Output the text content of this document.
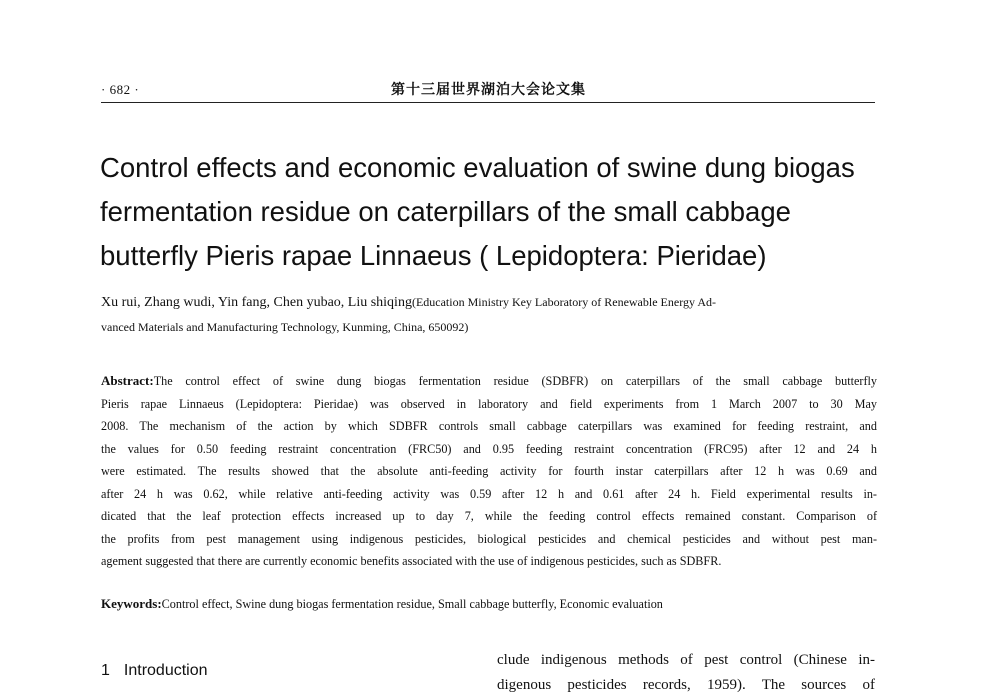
· 682 ·	第十三届世界湖泊大会论文集
Control effects and economic evaluation of swine dung biogas
fermentation residue on caterpillars of the small cabbage
butterfly Pieris rapae Linnaeus ( Lepidoptera: Pieridae)
Xu rui, Zhang wudi, Yin fang, Chen yubao, Liu shiqing(Education Ministry Key Laboratory of Renewable Energy Ad-
vanced Materials and Manufacturing Technology, Kunming, China, 650092)
Abstract:The control effect of swine dung biogas fermentation residue (SDBFR) on caterpillars of the small cabbage butterfly
Pieris rapae Linnaeus (Lepidoptera: Pieridae) was observed in laboratory and field experiments from 1 March 2007 to 30 May
2008. The mechanism of the action by which SDBFR controls small cabbage caterpillars was examined for feeding restraint, and
the values for 0.50 feeding restraint concentration (FRC50) and 0.95 feeding restraint concentration (FRC95) after 12 and 24 h
were estimated. The results showed that the absolute anti-feeding activity for fourth instar caterpillars after 12 h was 0.69 and
after 24 h was 0.62, while relative anti-feeding activity was 0.59 after 12 h and 0.61 after 24 h. Field experimental results in-
dicated that the leaf protection effects increased up to day 7, while the feeding control effects remained constant. Comparison of
the profits from pest management using indigenous pesticides, biological pesticides and chemical pesticides and without pest man-
agement suggested that there are currently economic benefits associated with the use of indigenous pesticides, such as SDBFR.
Keywords:Control effect, Swine dung biogas fermentation residue, Small cabbage butterfly, Economic evaluation
1 Introduction
clude indigenous methods of pest control (Chinese in-
digenous pesticides records, 1959). The sources of
